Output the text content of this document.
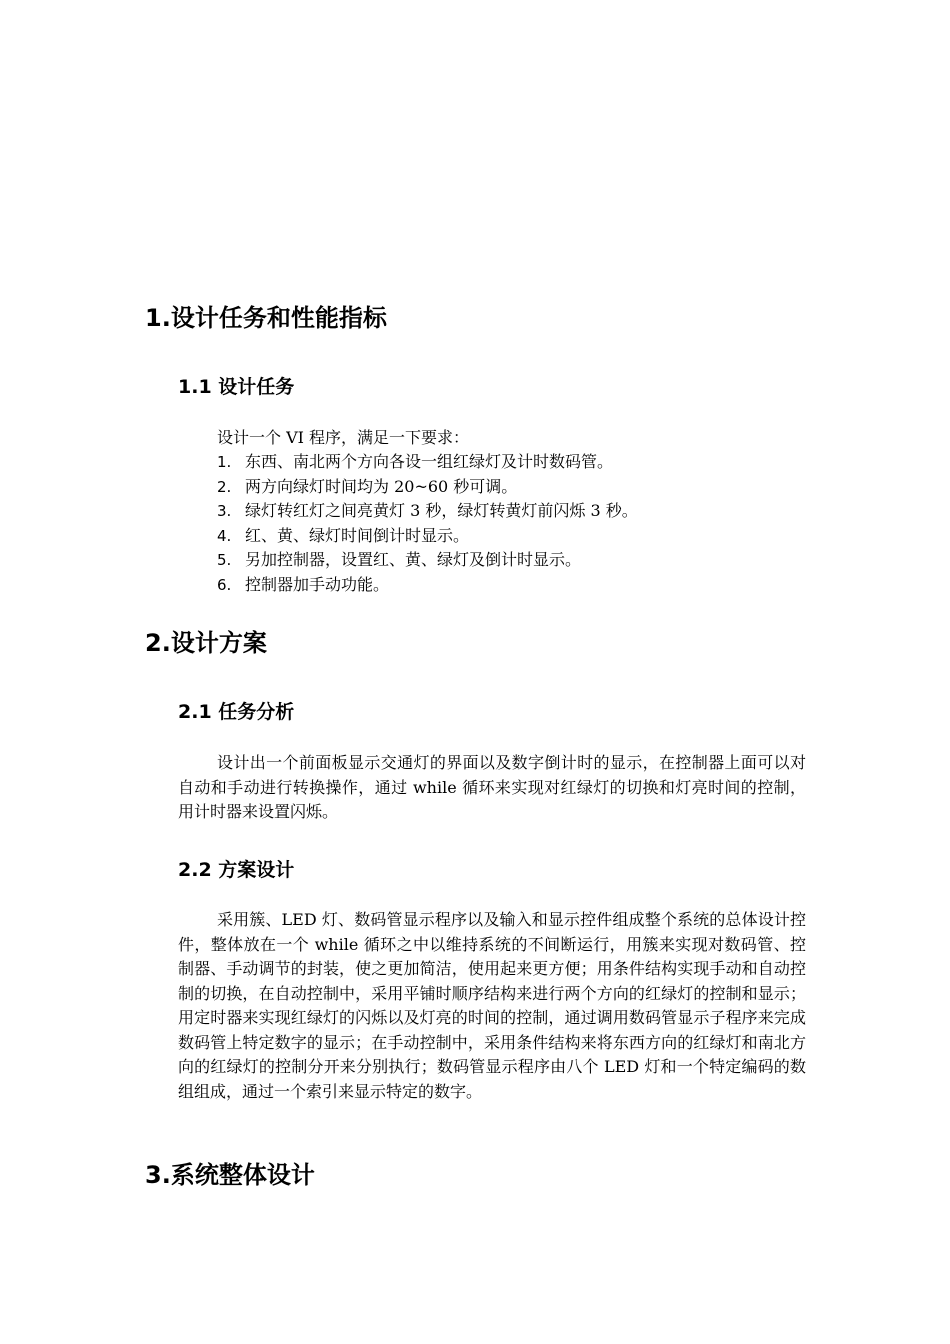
1.设计任务和性能指标
1.1 设计任务

设计一个 VI 程序，满足一下要求：

1. 东西、南北两个方向各设一组红绿灯及计时数码管。
2. 两方向绿灯时间均为 20~60 秒可调。
3. 绿灯转红灯之间亮黄灯 3 秒，绿灯转黄灯前闪烁 3 秒。
4. 红、黄、绿灯时间倒计时显示。
5. 另加控制器，设置红、黄、绿灯及倒计时显示。
6. 控制器加手动功能。
2.设计方案
2.1 任务分析

设计出一个前面板显示交通灯的界面以及数字倒计时的显示，在控制器上面可以对自动和手动进行转换操作，通过 while 循环来实现对红绿灯的切换和灯亮时间的控制，用计时器来设置闪烁。

2.2 方案设计

采用簇、LED 灯、数码管显示程序以及输入和显示控件组成整个系统的总体设计控件，整体放在一个 while 循环之中以维持系统的不间断运行，用簇来实现对数码管、控制器、手动调节的封装，使之更加简洁，使用起来更方便；用条件结构实现手动和自动控制的切换，在自动控制中，采用平铺时顺序结构来进行两个方向的红绿灯的控制和显示；用定时器来实现红绿灯的闪烁以及灯亮的时间的控制，通过调用数码管显示子程序来完成数码管上特定数字的显示；在手动控制中，采用条件结构来将东西方向的红绿灯和南北方向的红绿灯的控制分开来分别执行；数码管显示程序由八个 LED 灯和一个特定编码的数组组成，通过一个索引来显示特定的数字。

3.系统整体设计
